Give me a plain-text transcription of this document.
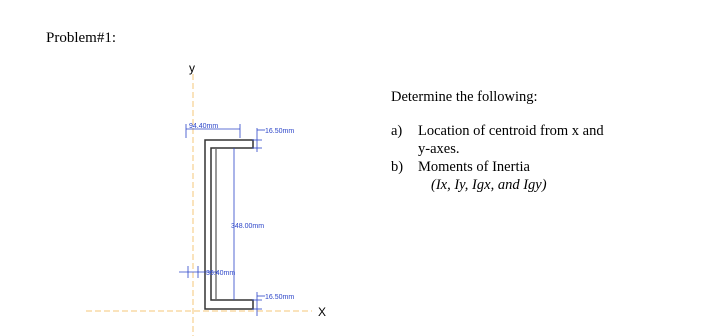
Problem#1:
y
X
94.40mm
16.50mm
348.00mm
36.40mm
16.50mm
Determine the following:
a)	Location of centroid from x and
y-axes.
b)	Moments of Inertia
(Ix, Iy, Igx, and Igy)
